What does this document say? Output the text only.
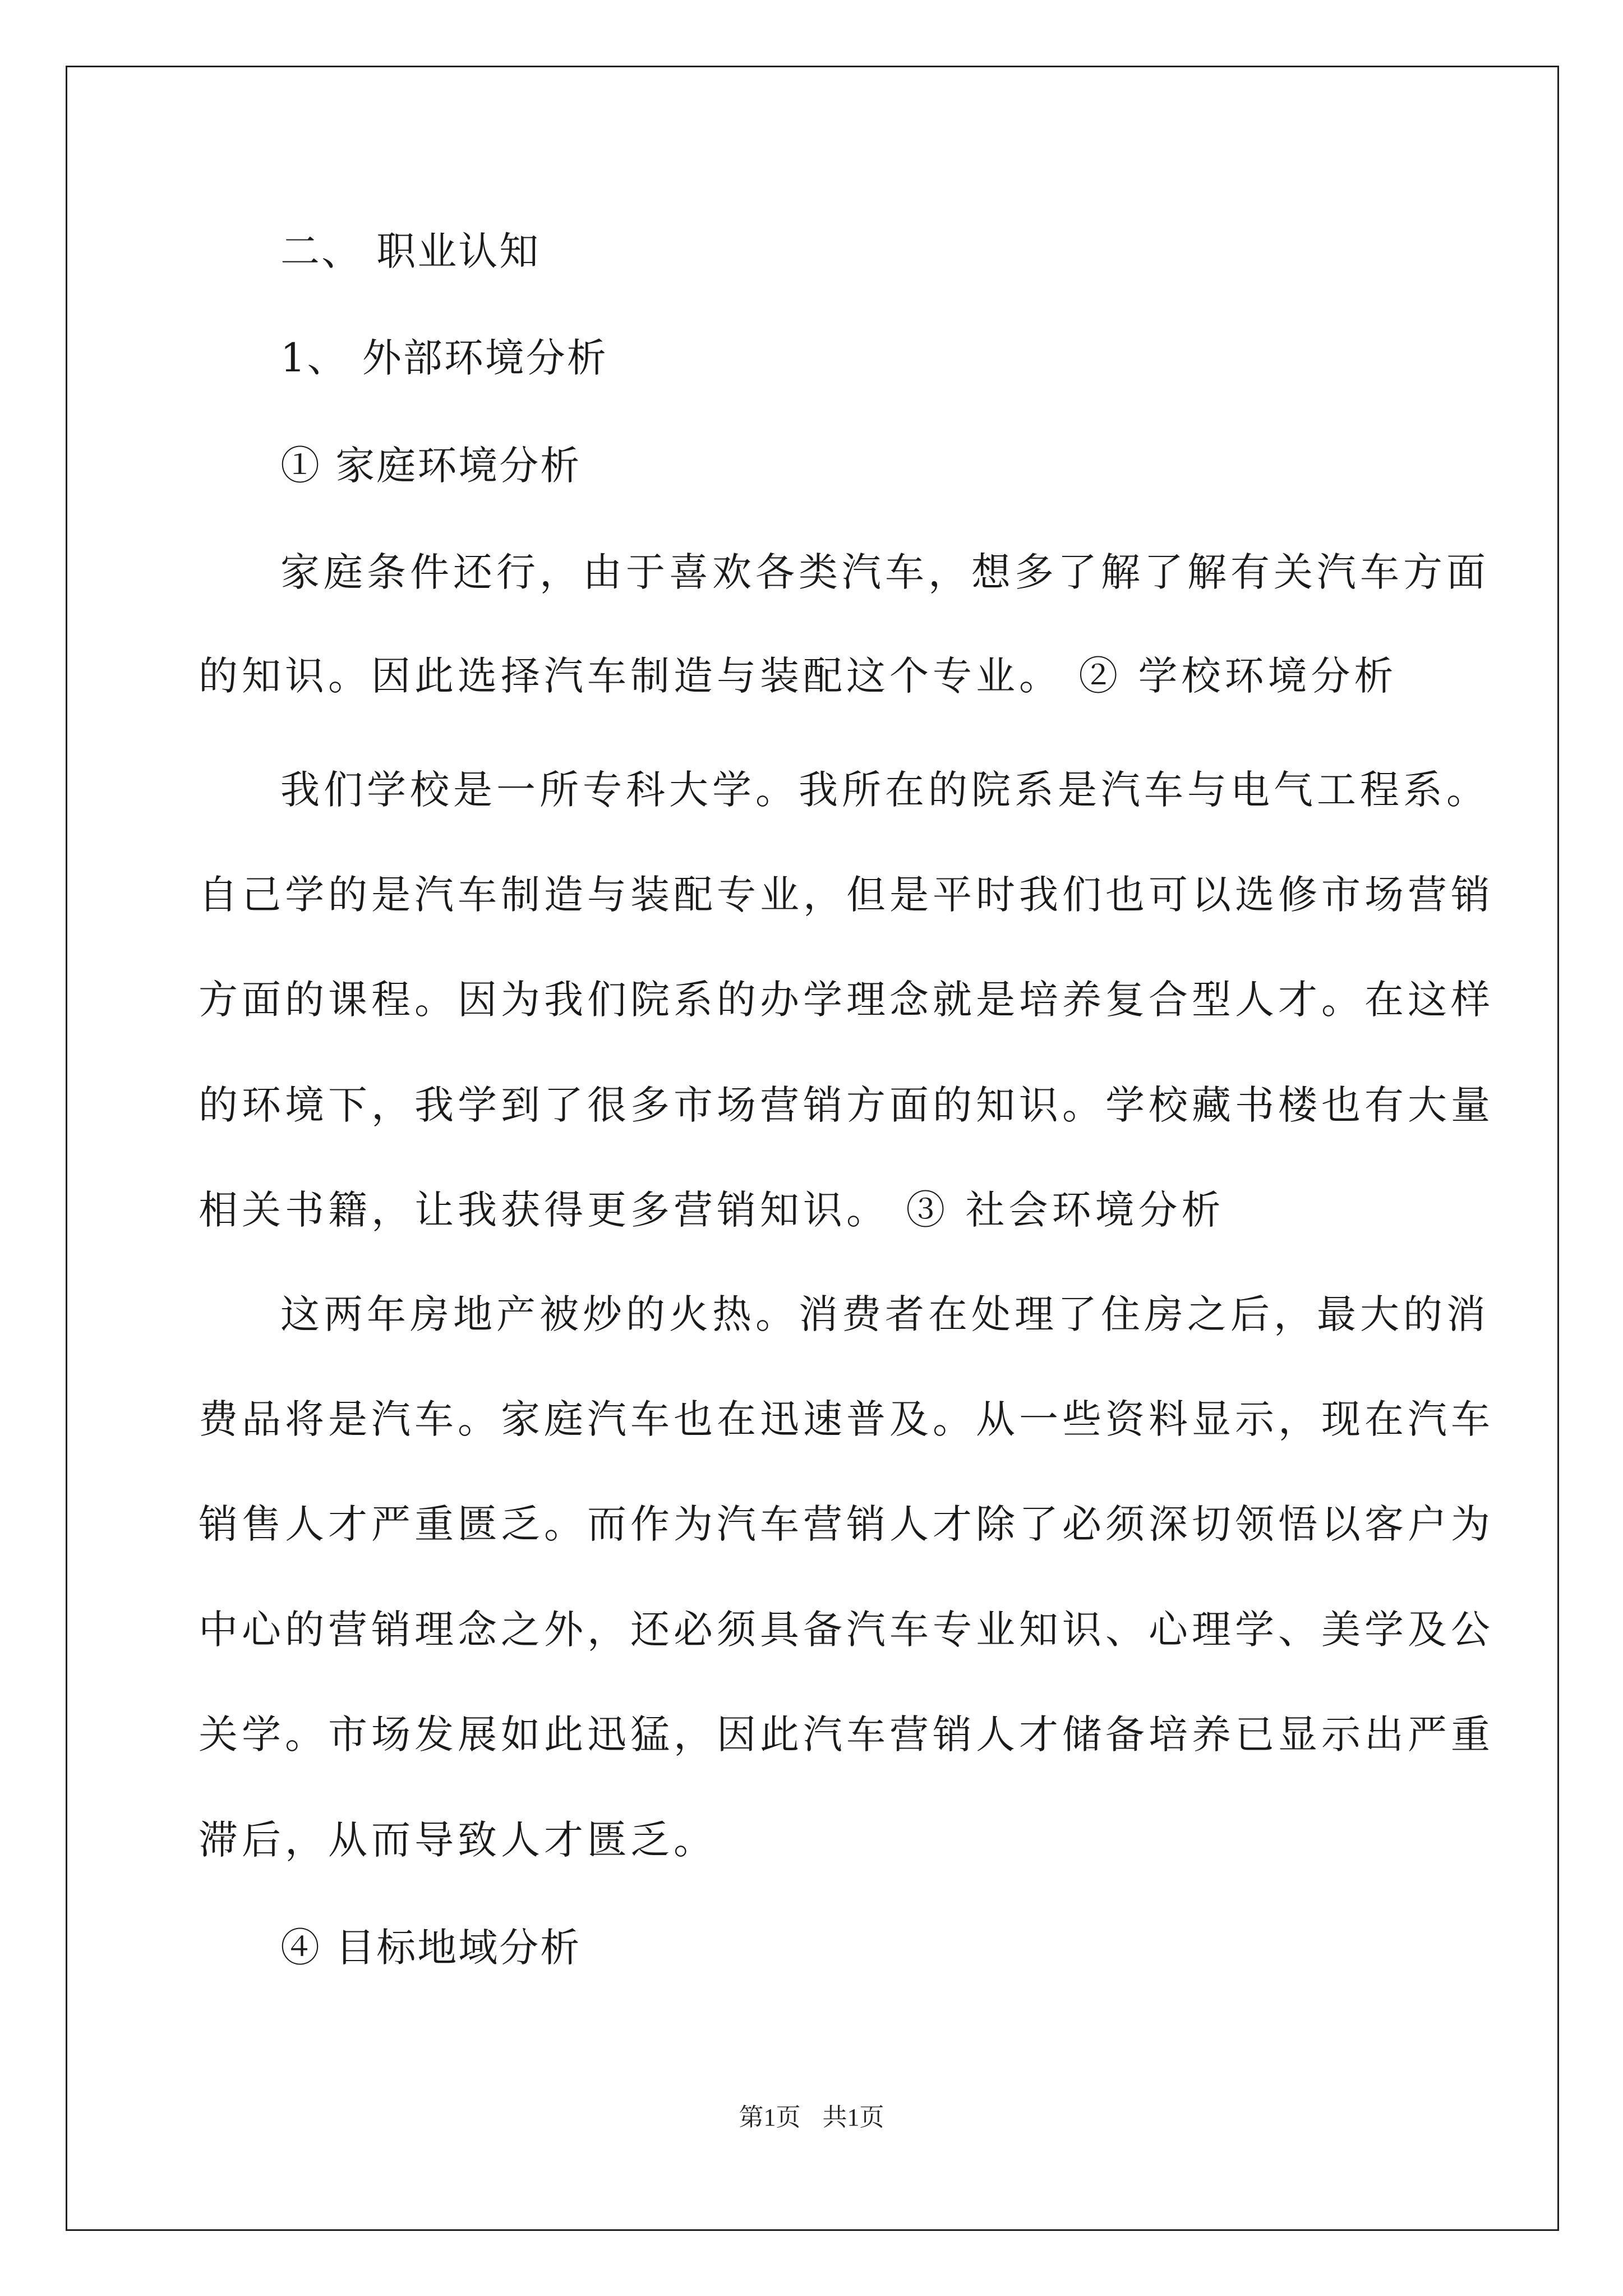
二、 职业认知
1、 外部环境分析
① 家庭环境分析
家庭条件还行，由于喜欢各类汽车，想多了解了解有关汽车方面
的知识。因此选择汽车制造与装配这个专业。 ② 学校环境分析
我们学校是一所专科大学。我所在的院系是汽车与电气工程系。
自己学的是汽车制造与装配专业，但是平时我们也可以选修市场营销
方面的课程。因为我们院系的办学理念就是培养复合型人才。在这样
的环境下，我学到了很多市场营销方面的知识。学校藏书楼也有大量
相关书籍，让我获得更多营销知识。 ③ 社会环境分析
这两年房地产被炒的火热。消费者在处理了住房之后，最大的消
费品将是汽车。家庭汽车也在迅速普及。从一些资料显示，现在汽车
销售人才严重匮乏。而作为汽车营销人才除了必须深切领悟以客户为
中心的营销理念之外，还必须具备汽车专业知识、心理学、美学及公
关学。市场发展如此迅猛，因此汽车营销人才储备培养已显示出严重
滞后，从而导致人才匮乏。
④ 目标地域分析
第1页 共1页
